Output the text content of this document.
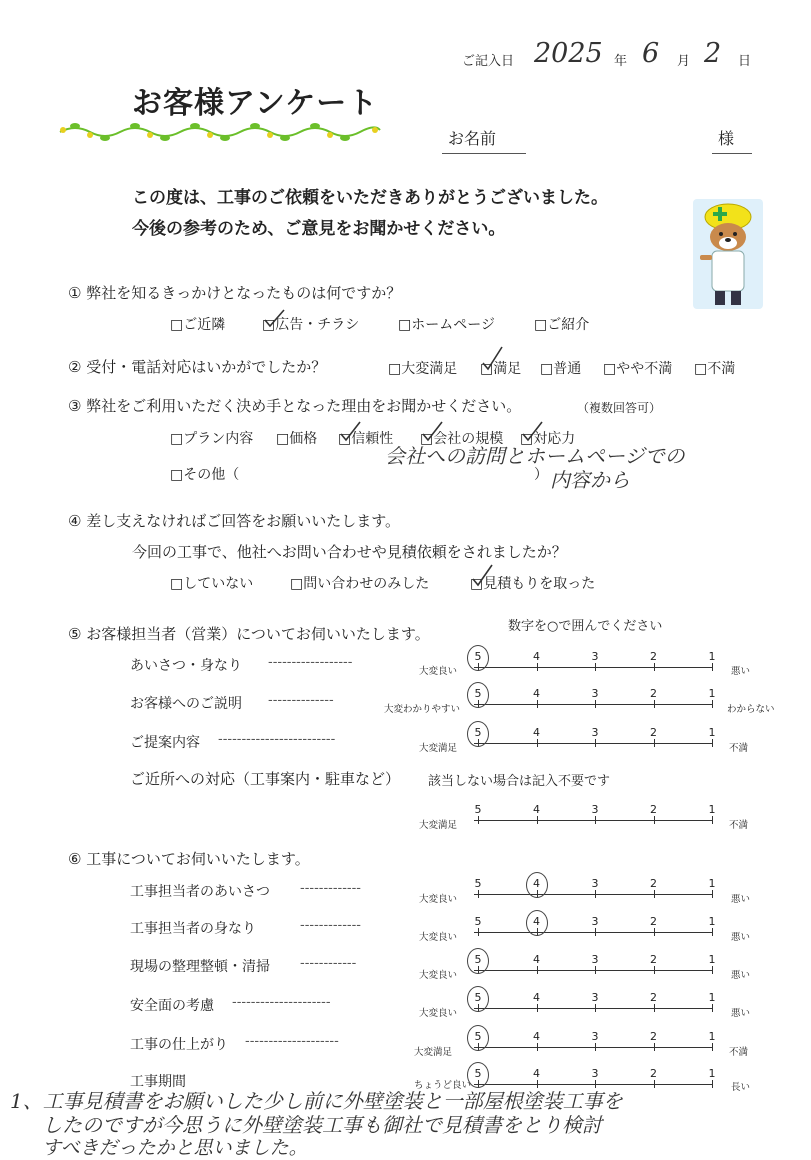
ご記入日 2025 年 6 月 2 日
お客様アンケート
お名前	様
この度は、工事のご依頼をいただきありがとうございました。
今後の参考のため、ご意見をお聞かせください。
① 弊社を知るきっかけとなったものは何ですか？
□ご近隣	□広告・チラシ	□ホームページ	□ご紹介
② 受付・電話対応はいかがでしたか？	□大変満足 □満足 □普通 □やや不満 □不満
③ 弊社をご利用いただく決め手となった理由をお聞かせください。	（複数回答可）
□プラン内容 □価格 □信頼性 □会社の規模 □対応力
□その他（
会社への訪問とホームページでの
） 内容から
④ 差し支えなければご回答をお願いいたします。
今回の工事で、他社へお問い合わせや見積依頼をされましたか？
□していない	□問い合わせのみした	□見積もりを取った
⑤ お客様担当者（営業）についてお伺いいたします。	数字を○で囲んでください
あいさつ・身なり ------------------
大変良い
5	4	3	2	1
悪い
お客様へのご説明 --------------
大変わかりやすい
5	4	3	2	1
わからない
ご提案内容 -------------------------
大変満足
5	4	3	2	1
不満
ご近所への対応（工事案内・駐車など） 該当しない場合は記入不要です
大変満足
5	4	3	2	1
不満
⑥ 工事についてお伺いいたします。
工事担当者のあいさつ -------------
大変良い
5	4	3	2	1
悪い
工事担当者の身なり	-------------
大変良い
5	4	3	2	1
悪い
現場の整理整頓・清掃 ------------
大変良い
5	4	3	2	1
悪い
安全面の考慮 ---------------------
大変良い
5	4	3	2	1
悪い
工事の仕上がり --------------------
大変満足
5	4	3	2	1
不満
工事期間	ちょうど良い
5	4	3	2	1
長い
1、工事見積書をお願いした少し前に外壁塗装と一部屋根塗装工事を
したのですが今思うに外壁塗装工事も御社で見積書をとり検討
すべきだったかと思いました。
